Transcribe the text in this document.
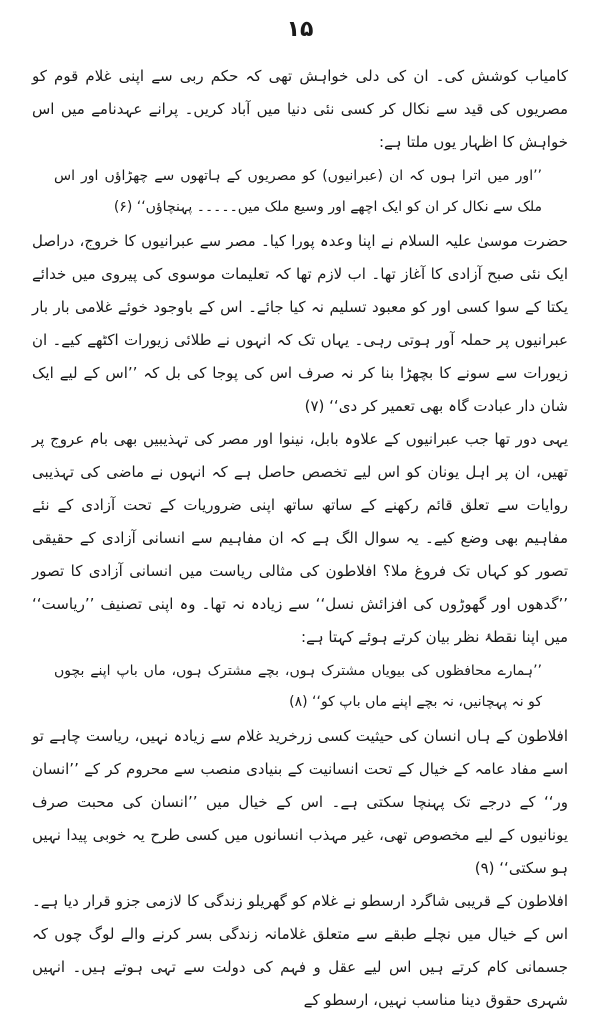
۱۵

کامیاب کوشش کی۔ ان کی دلی خواہش تھی کہ حکم ربی سے اپنی غلام قوم کو مصریوں کی قید سے نکال کر کسی نئی دنیا میں آباد کریں۔ پرانے عہدنامے میں اس خواہش کا اظہار یوں ملتا ہے:

’’اور میں اترا ہوں کہ ان (عبرانیوں) کو مصریوں کے ہاتھوں سے چھڑاؤں اور اس ملک سے نکال کر ان کو ایک اچھے اور وسیع ملک میں۔۔۔۔۔ پہنچاؤں‘‘ (۶)

حضرت موسیٰ علیہ السلام نے اپنا وعدہ پورا کیا۔ مصر سے عبرانیوں کا خروج، دراصل ایک نئی صبح آزادی کا آغاز تھا۔ اب لازم تھا کہ تعلیمات موسوی کی پیروی میں خدائے یکتا کے سوا کسی اور کو معبود تسلیم نہ کیا جائے۔ اس کے باوجود خوئے غلامی بار بار عبرانیوں پر حملہ آور ہوتی رہی۔ یہاں تک کہ انہوں نے طلائی زیورات اکٹھے کیے۔ ان زیورات سے سونے کا بچھڑا بنا کر نہ صرف اس کی پوجا کی بل کہ ’’اس کے لیے ایک شان دار عبادت گاہ بھی تعمیر کر دی‘‘ (۷)

یہی دور تھا جب عبرانیوں کے علاوہ بابل، نینوا اور مصر کی تہذیبیں بھی بام عروج پر تھیں، ان پر اہل یونان کو اس لیے تخصص حاصل ہے کہ انہوں نے ماضی کی تہذیبی روایات سے تعلق قائم رکھنے کے ساتھ ساتھ اپنی ضروریات کے تحت آزادی کے نئے مفاہیم بھی وضع کیے۔ یہ سوال الگ ہے کہ ان مفاہیم سے انسانی آزادی کے حقیقی تصور کو کہاں تک فروغ ملا؟ افلاطون کی مثالی ریاست میں انسانی آزادی کا تصور ’’گدھوں اور گھوڑوں کی افزائش نسل‘‘ سے زیادہ نہ تھا۔ وہ اپنی تصنیف ’’ریاست‘‘ میں اپنا نقطۂ نظر بیان کرتے ہوئے کہتا ہے:

’’ہمارے محافظوں کی بیویاں مشترک ہوں، بچے مشترک ہوں، ماں باپ اپنے بچوں کو نہ پہچانیں، نہ بچے اپنے ماں باپ کو‘‘ (۸)

افلاطون کے ہاں انسان کی حیثیت کسی زرخرید غلام سے زیادہ نہیں، ریاست چاہے تو اسے مفاد عامہ کے خیال کے تحت انسانیت کے بنیادی منصب سے محروم کر کے ’’انسان ور‘‘ کے درجے تک پہنچا سکتی ہے۔ اس کے خیال میں ’’انسان کی محبت صرف یونانیوں کے لیے مخصوص تھی، غیر مہذب انسانوں میں کسی طرح یہ خوبی پیدا نہیں ہو سکتی‘‘ (۹)

افلاطون کے قریبی شاگرد ارسطو نے غلام کو گھریلو زندگی کا لازمی جزو قرار دیا ہے۔ اس کے خیال میں نچلے طبقے سے متعلق غلامانہ زندگی بسر کرنے والے لوگ چوں کہ جسمانی کام کرتے ہیں اس لیے عقل و فہم کی دولت سے تہی ہوتے ہیں۔ انہیں شہری حقوق دینا مناسب نہیں، ارسطو کے
